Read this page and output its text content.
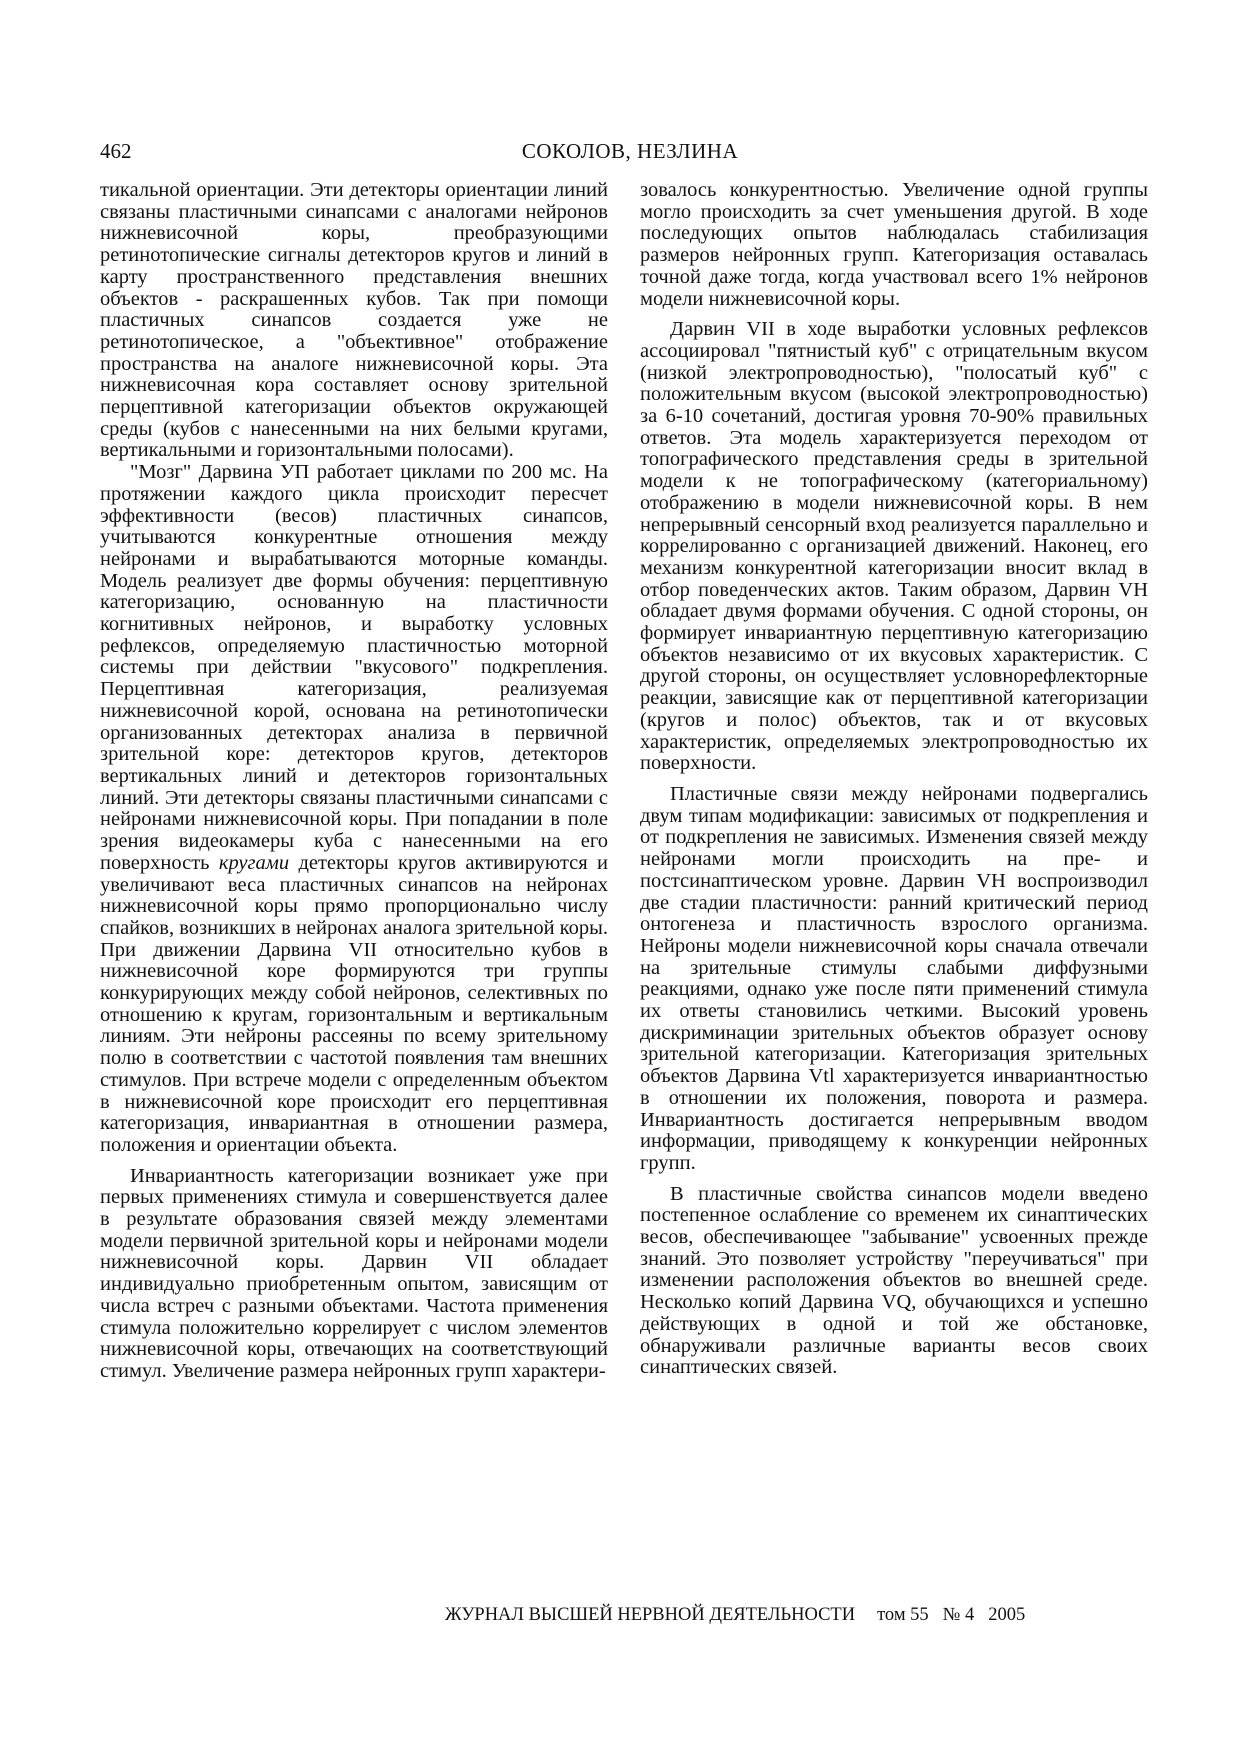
462	СОКОЛОВ, НЕЗЛИНА

тикальной ориентации. Эти детекторы ориентации линий связаны пластичными синапсами с аналогами нейронов нижневисочной коры, преобразующими ретинотопические сигналы детекторов кругов и линий в карту пространственного представления внешних объектов - раскрашенных кубов. Так при помощи пластичных синапсов создается уже не ретинотопическое, а "объективное" отображение пространства на аналоге нижневисочной коры. Эта нижневисочная кора составляет основу зрительной перцептивной категоризации объектов окружающей среды (кубов с нанесенными на них белыми кругами, вертикальными и горизонтальными полосами).

"Мозг" Дарвина УП работает циклами по 200 мс. На протяжении каждого цикла происходит пересчет эффективности (весов) пластичных синапсов, учитываются конкурентные отношения между нейронами и вырабатываются моторные команды. Модель реализует две формы обучения: перцептивную категоризацию, основанную на пластичности когнитивных нейронов, и выработку условных рефлексов, определяемую пластичностью моторной системы при действии "вкусового" подкрепления. Перцептивная категоризация, реализуемая нижневисочной корой, основана на ретинотопически организованных детекторах анализа в первичной зрительной коре: детекторов кругов, детекторов вертикальных линий и детекторов горизонтальных линий. Эти детекторы связаны пластичными синапсами с нейронами нижневисочной коры. При попадании в поле зрения видеокамеры куба с нанесенными на его поверхность кругами детекторы кругов активируются и увеличивают веса пластичных синапсов на нейронах нижневисочной коры прямо пропорционально числу спайков, возникших в нейронах аналога зрительной коры. При движении Дарвина VII относительно кубов в нижневисочной коре формируются три группы конкурирующих между собой нейронов, селективных по отношению к кругам, горизонтальным и вертикальным линиям. Эти нейроны рассеяны по всему зрительному полю в соответствии с частотой появления там внешних стимулов. При встрече модели с определенным объектом в нижневисочной коре происходит его перцептивная категоризация, инвариантная в отношении размера, положения и ориентации объекта.

Инвариантность категоризации возникает уже при первых применениях стимула и совершенствуется далее в результате образования связей между элементами модели первичной зрительной коры и нейронами модели нижневисочной коры. Дарвин VII обладает индивидуально приобретенным опытом, зависящим от числа встреч с разными объектами. Частота применения стимула положительно коррелирует с числом элементов нижневисочной коры, отвечающих на соответствующий стимул. Увеличение размера нейронных групп характери-

зовалось конкурентностью. Увеличение одной группы могло происходить за счет уменьшения другой. В ходе последующих опытов наблюдалась стабилизация размеров нейронных групп. Категоризация оставалась точной даже тогда, когда участвовал всего 1% нейронов модели нижневисочной коры.

Дарвин VII в ходе выработки условных рефлексов ассоциировал "пятнистый куб" с отрицательным вкусом (низкой электропроводностью), "полосатый куб" с положительным вкусом (высокой электропроводностью) за 6-10 сочетаний, достигая уровня 70-90% правильных ответов. Эта модель характеризуется переходом от топографического представления среды в зрительной модели к не топографическому (категориальному) отображению в модели нижневисочной коры. В нем непрерывный сенсорный вход реализуется параллельно и коррелированно с организацией движений. Наконец, его механизм конкурентной категоризации вносит вклад в отбор поведенческих актов. Таким образом, Дарвин VH обладает двумя формами обучения. С одной стороны, он формирует инвариантную перцептивную категоризацию объектов независимо от их вкусовых характеристик. С другой стороны, он осуществляет условнорефлекторные реакции, зависящие как от перцептивной категоризации (кругов и полос) объектов, так и от вкусовых характеристик, определяемых электропроводностью их поверхности.

Пластичные связи между нейронами подвергались двум типам модификации: зависимых от подкрепления и от подкрепления не зависимых. Изменения связей между нейронами могли происходить на пре- и постсинаптическом уровне. Дарвин VH воспроизводил две стадии пластичности: ранний критический период онтогенеза и пластичность взрослого организма. Нейроны модели нижневисочной коры сначала отвечали на зрительные стимулы слабыми диффузными реакциями, однако уже после пяти применений стимула их ответы становились четкими. Высокий уровень дискриминации зрительных объектов образует основу зрительной категоризации. Категоризация зрительных объектов Дарвина Vtl характеризуется инвариантностью в отношении их положения, поворота и размера. Инвариантность достигается непрерывным вводом информации, приводящему к конкуренции нейронных групп.

В пластичные свойства синапсов модели введено постепенное ослабление со временем их синаптических весов, обеспечивающее "забывание" усвоенных прежде знаний. Это позволяет устройству "переучиваться" при изменении расположения объектов во внешней среде. Несколько копий Дарвина VQ, обучающихся и успешно действующих в одной и той же обстановке, обнаруживали различные варианты весов своих синаптических связей.

ЖУРНАЛ ВЫСШЕЙ НЕРВНОЙ ДЕЯТЕЛЬНОСТИ том 55 № 4 2005
